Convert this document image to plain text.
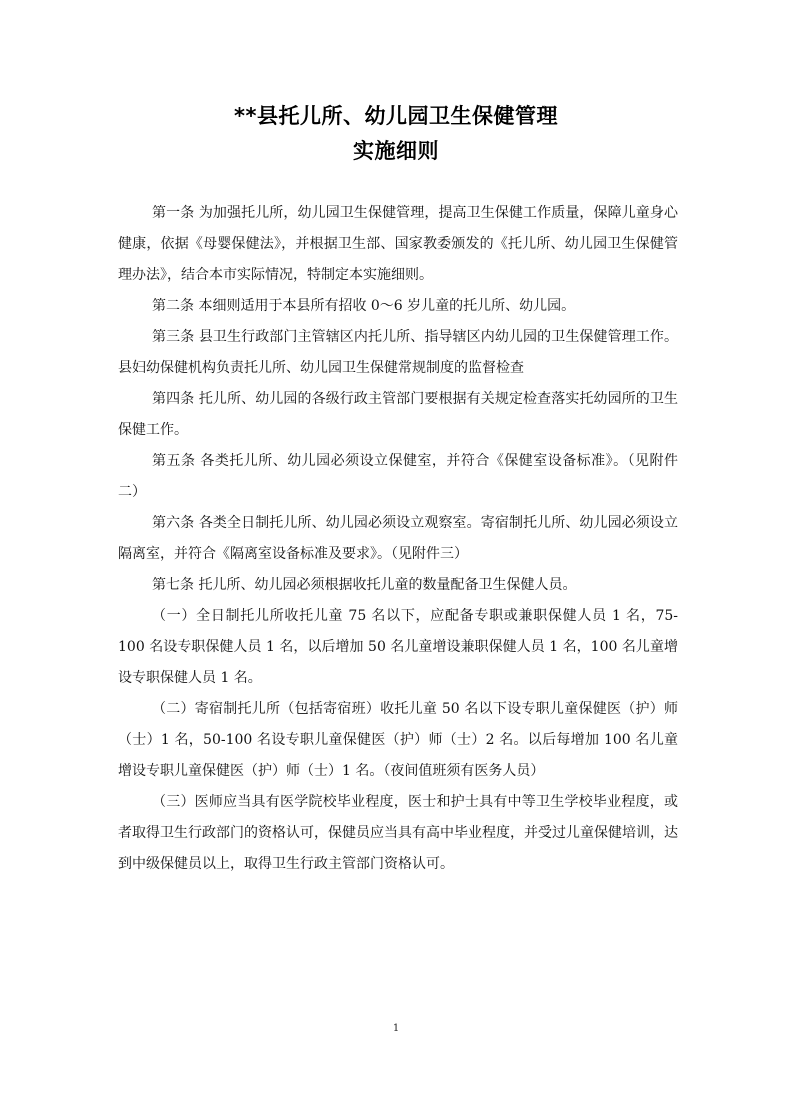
**县托儿所、幼儿园卫生保健管理
实施细则

第一条 为加强托儿所，幼儿园卫生保健管理，提高卫生保健工作质量，保障儿童身心健康，依据《母婴保健法》，并根据卫生部、国家教委颁发的《托儿所、幼儿园卫生保健管理办法》，结合本市实际情况，特制定本实施细则。

第二条 本细则适用于本县所有招收 0～6 岁儿童的托儿所、幼儿园。

第三条 县卫生行政部门主管辖区内托儿所、指导辖区内幼儿园的卫生保健管理工作。县妇幼保健机构负责托儿所、幼儿园卫生保健常规制度的监督检查

第四条 托儿所、幼儿园的各级行政主管部门要根据有关规定检查落实托幼园所的卫生保健工作。

第五条 各类托儿所、幼儿园必须设立保健室，并符合《保健室设备标准》。（见附件二）

第六条 各类全日制托儿所、幼儿园必须设立观察室。寄宿制托儿所、幼儿园必须设立隔离室，并符合《隔离室设备标准及要求》。（见附件三）

第七条 托儿所、幼儿园必须根据收托儿童的数量配备卫生保健人员。

（一）全日制托儿所收托儿童 75 名以下，应配备专职或兼职保健人员 1 名，75-100 名设专职保健人员 1 名，以后增加 50 名儿童增设兼职保健人员 1 名，100 名儿童增设专职保健人员 1 名。

（二）寄宿制托儿所（包括寄宿班）收托儿童 50 名以下设专职儿童保健医（护）师（士）1 名，50-100 名设专职儿童保健医（护）师（士）2 名。以后每增加 100 名儿童增设专职儿童保健医（护）师（士）1 名。（夜间值班须有医务人员）

（三）医师应当具有医学院校毕业程度，医士和护士具有中等卫生学校毕业程度，或者取得卫生行政部门的资格认可，保健员应当具有高中毕业程度，并受过儿童保健培训，达到中级保健员以上，取得卫生行政主管部门资格认可。

1
